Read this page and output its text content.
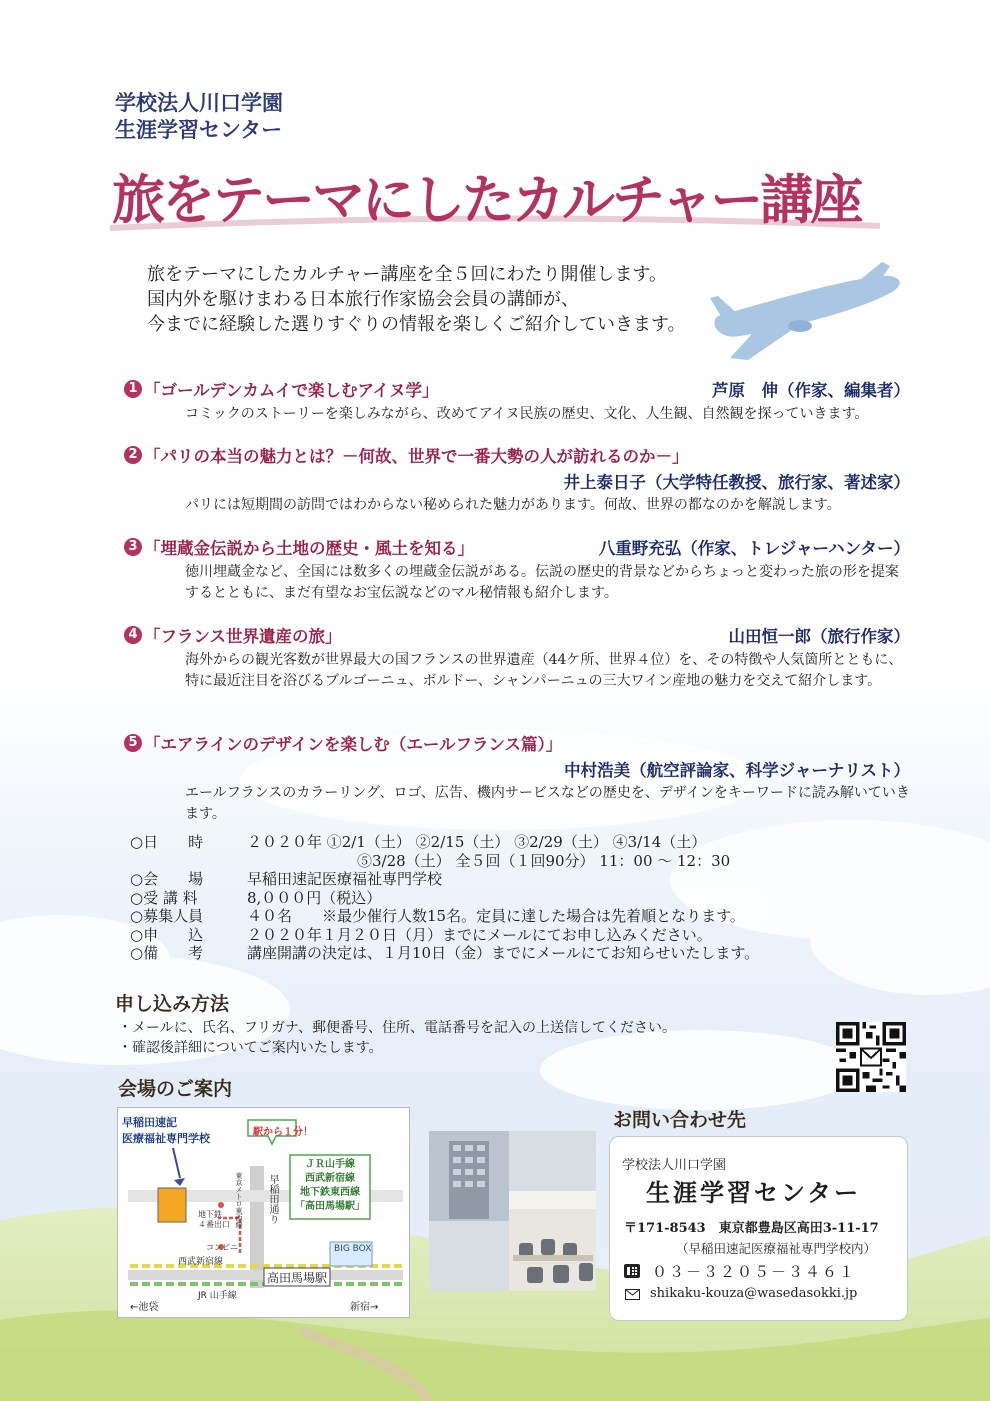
学校法人川口学園
生涯学習センター
旅をテーマにしたカルチャー講座
旅をテーマにしたカルチャー講座を全５回にわたり開催します。
国内外を駆けまわる日本旅行作家協会会員の講師が、
今までに経験した選りすぐりの情報を楽しくご紹介していきます。
1 「ゴールデンカムイで楽しむアイヌ学」	芦原　伸（作家、編集者）
コミックのストーリーを楽しみながら、改めてアイヌ民族の歴史、文化、人生観、自然観を探っていきます。
2 「パリの本当の魅力とは？－何故、世界で一番大勢の人が訪れるのか－」
井上泰日子（大学特任教授、旅行家、著述家）
パリには短期間の訪問ではわからない秘められた魅力があります。何故、世界の都なのかを解説します。
3 「埋蔵金伝説から土地の歴史・風土を知る」	八重野充弘（作家、トレジャーハンター）
徳川埋蔵金など、全国には数多くの埋蔵金伝説がある。伝説の歴史的背景などからちょっと変わった旅の形を提案するとともに、まだ有望なお宝伝説などのマル秘情報も紹介します。
4 「フランス世界遺産の旅」	山田恒一郎（旅行作家）
海外からの観光客数が世界最大の国フランスの世界遺産（44ケ所、世界４位）を、その特徴や人気箇所とともに、特に最近注目を浴びるブルゴーニュ、ボルドー、シャンパーニュの三大ワイン産地の魅力を交えて紹介します。
5 「エアラインのデザインを楽しむ（エールフランス篇）」
中村浩美（航空評論家、科学ジャーナリスト）
エールフランスのカラーリング、ロゴ、広告、機内サービスなどの歴史を、デザインをキーワードに読み解いていきます。
○日　　時	２０２０年 ①2/1（土） ②2/15（土） ③2/29（土） ④3/14（土）
⑤3/28（土） 全５回（１回90分） 11：00 ～ 12：30
○会　　場	早稲田速記医療福祉専門学校
○受 講 料	8,０００円（税込）
○募集人員	４０名　　※最少催行人数15名。定員に達した場合は先着順となります。
○申　　込	２０２０年１月２０日（月）までにメールにてお申し込みください。
○備　　考	講座開講の決定は、１月10日（金）までにメールにてお知らせいたします。
申し込み方法
・メールに、氏名、フリガナ、郵便番号、住所、電話番号を記入の上送信してください。
・確認後詳細についてご案内いたします。
会場のご案内
早稲田速記
医療福祉専門学校	駅から１分！
ＪＲ山手線
西武新宿線
地下鉄東西線
「高田馬場駅」
地下鉄
４番出口 東京メトロ東西線 早稲田通り
コンビニ	BIG BOX
西武新宿線
JR 山手線
高田馬場駅
←池袋	新宿→
お問い合わせ先
学校法人川口学園
生涯学習センター
〒171-8543　東京都豊島区高田3-11-17
（早稲田速記医療福祉専門学校内）
０３－３２０５－３４６１
shikaku-kouza@wasedasokki.jp
